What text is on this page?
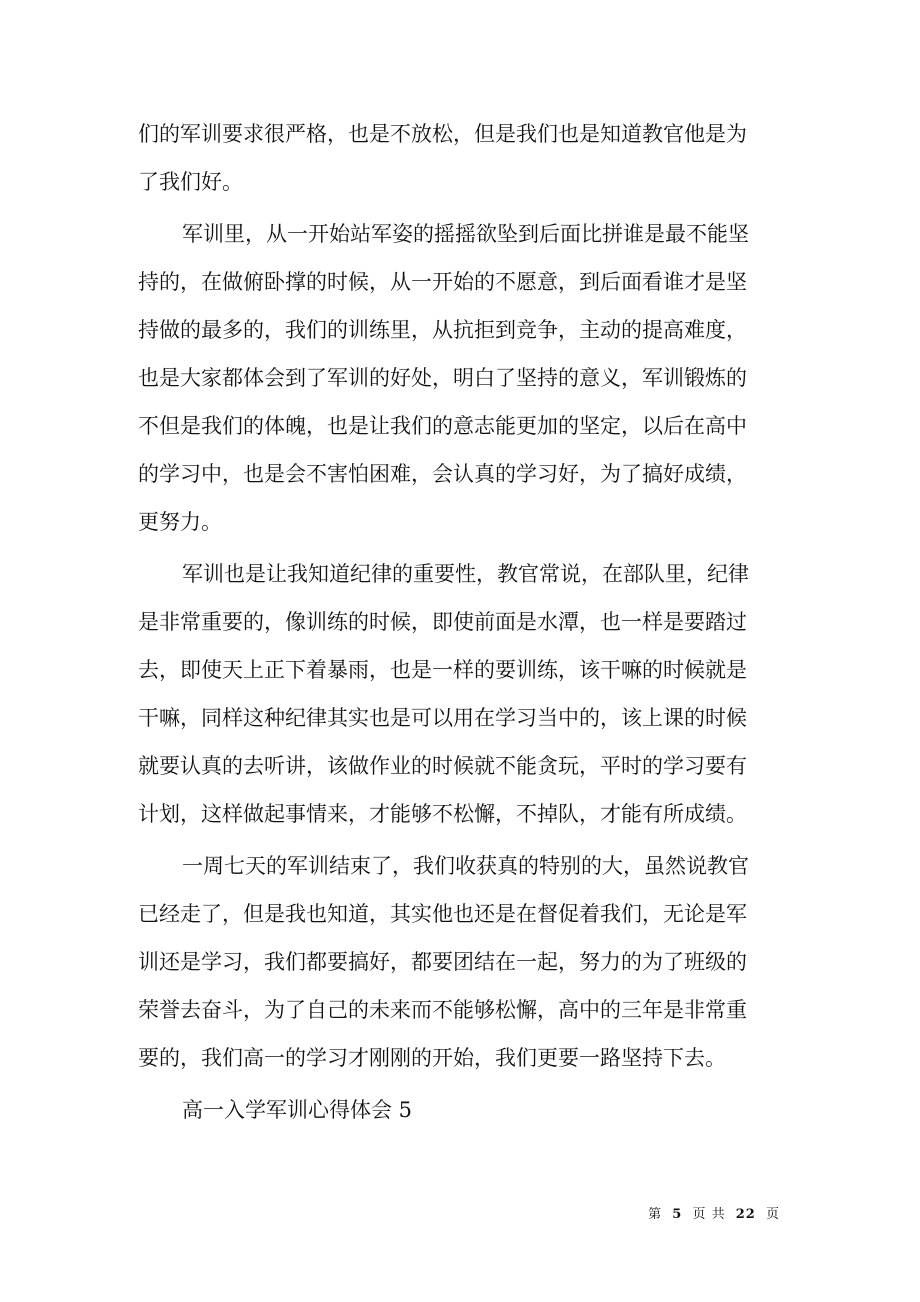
们的军训要求很严格，也是不放松，但是我们也是知道教官他是为
了我们好。
军训里，从一开始站军姿的摇摇欲坠到后面比拼谁是最不能坚
持的，在做俯卧撑的时候，从一开始的不愿意，到后面看谁才是坚
持做的最多的，我们的训练里，从抗拒到竞争，主动的提高难度，
也是大家都体会到了军训的好处，明白了坚持的意义，军训锻炼的
不但是我们的体魄，也是让我们的意志能更加的坚定，以后在高中
的学习中，也是会不害怕困难，会认真的学习好，为了搞好成绩，
更努力。
军训也是让我知道纪律的重要性，教官常说，在部队里，纪律
是非常重要的，像训练的时候，即使前面是水潭，也一样是要踏过
去，即使天上正下着暴雨，也是一样的要训练，该干嘛的时候就是
干嘛，同样这种纪律其实也是可以用在学习当中的，该上课的时候
就要认真的去听讲，该做作业的时候就不能贪玩，平时的学习要有
计划，这样做起事情来，才能够不松懈，不掉队，才能有所成绩。
一周七天的军训结束了，我们收获真的特别的大，虽然说教官
已经走了，但是我也知道，其实他也还是在督促着我们，无论是军
训还是学习，我们都要搞好，都要团结在一起，努力的为了班级的
荣誉去奋斗，为了自己的未来而不能够松懈，高中的三年是非常重
要的，我们高一的学习才刚刚的开始，我们更要一路坚持下去。
高一入学军训心得体会 5
第 5 页 共 22 页
